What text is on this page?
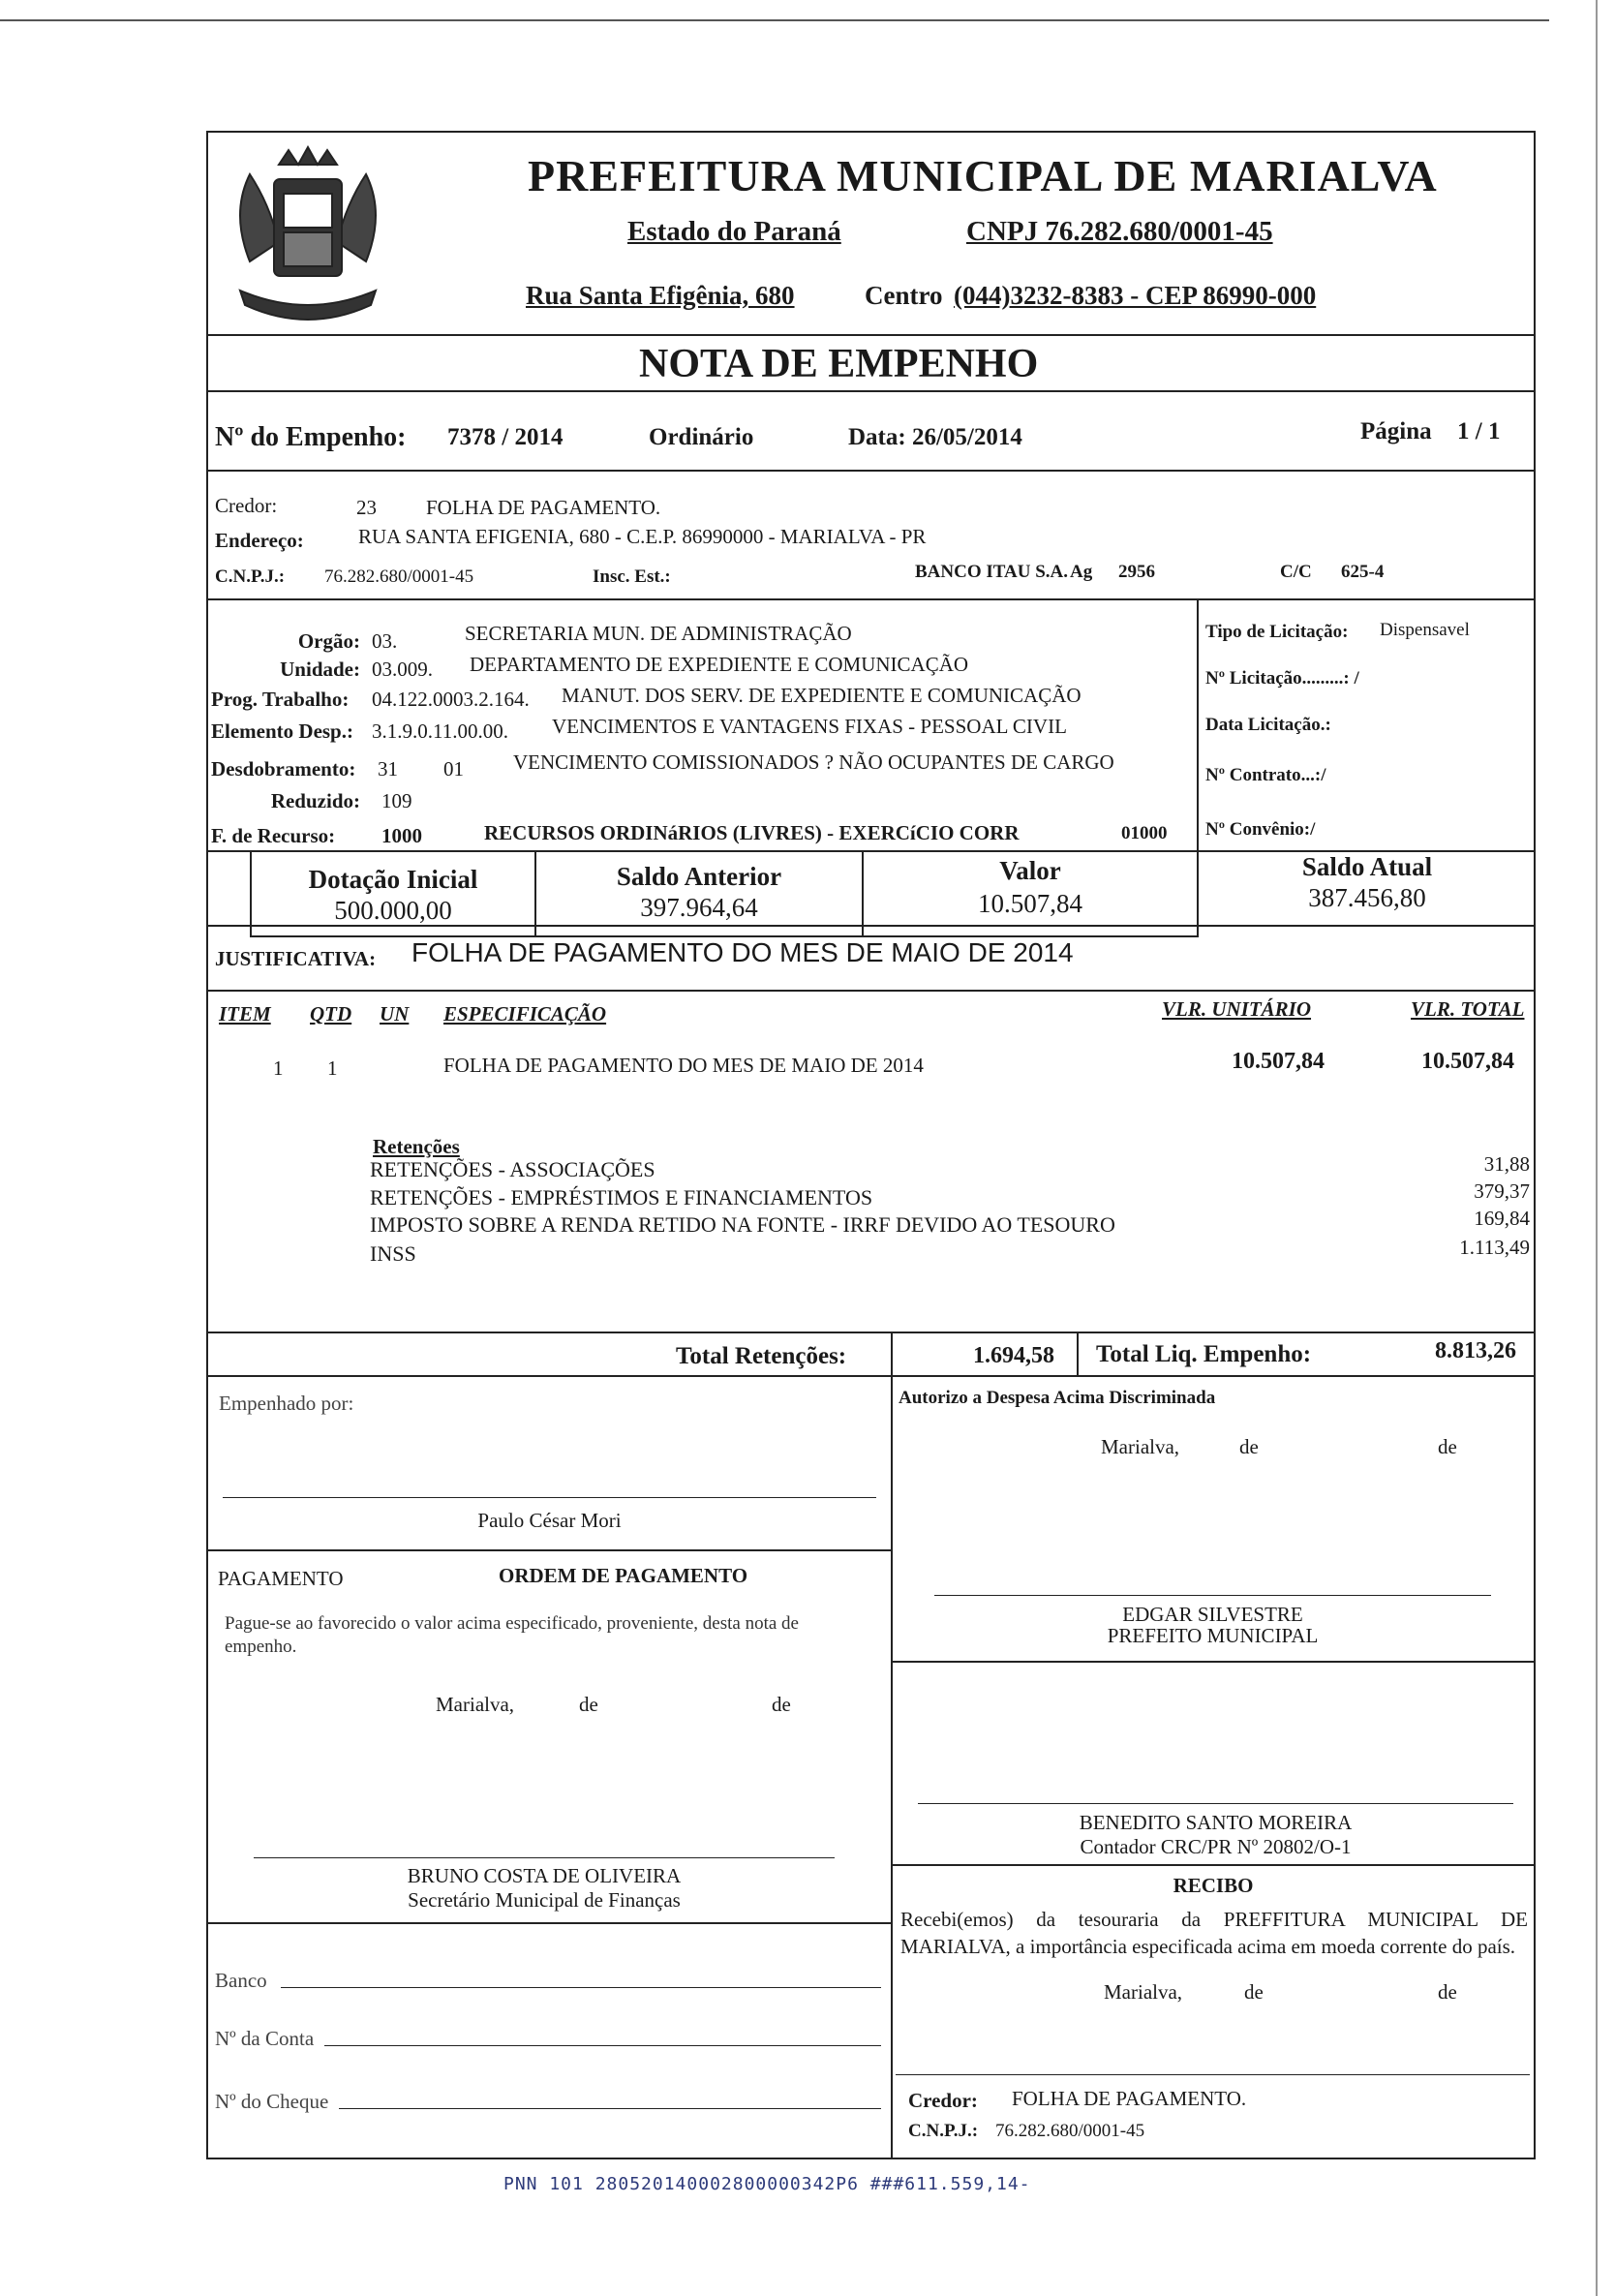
PREFEITURA MUNICIPAL DE MARIALVA
Estado do Paraná	CNPJ 76.282.680/0001-45
Rua Santa Efigênia, 680	Centro (044)3232-8383 - CEP 86990-000
NOTA DE EMPENHO
Nº do Empenho: 7378 / 2014	Ordinário	Data: 26/05/2014	Página 1 / 1
Credor:	23 FOLHA DE PAGAMENTO.
Endereço:	RUA SANTA EFIGENIA, 680 - C.E.P. 86990000 - MARIALVA - PR
C.N.P.J.: 76.282.680/0001-45	Insc. Est.:	BANCO ITAU S.A. Ag 2956	C/C 625-4
Orgão: 03.	SECRETARIA MUN. DE ADMINISTRAÇÃO
Unidade: 03.009. DEPARTAMENTO DE EXPEDIENTE E COMUNICAÇÃO
Prog. Trabalho: 04.122.0003.2.164. MANUT. DOS SERV. DE EXPEDIENTE E COMUNICAÇÃO
Elemento Desp.: 3.1.9.0.11.00.00. VENCIMENTOS E VANTAGENS FIXAS - PESSOAL CIVIL
Desdobramento: 31 01 VENCIMENTO COMISSIONADOS ? NÃO OCUPANTES DE CARGO
Reduzido: 109
F. de Recurso: 1000	RECURSOS ORDINáRIOS (LIVRES) - EXERCíCIO CORR	01000
Tipo de Licitação: Dispensavel
Nº Licitação.........: /
Data Licitação.:
Nº Contrato...:/
Nº Convênio:/
Dotação Inicial
500.000,00
Saldo Anterior
397.964,64
Valor
10.507,84
Saldo Atual
387.456,80
JUSTIFICATIVA: FOLHA DE PAGAMENTO DO MES DE MAIO DE 2014
ITEM QTD UN ESPECIFICAÇÃO	VLR. UNITÁRIO	VLR. TOTAL
1 1	FOLHA DE PAGAMENTO DO MES DE MAIO DE 2014	10.507,84	10.507,84
Retenções
RETENÇÕES - ASSOCIAÇÕES	31,88
RETENÇÕES - EMPRÉSTIMOS E FINANCIAMENTOS	379,37
IMPOSTO SOBRE A RENDA RETIDO NA FONTE - IRRF DEVIDO AO TESOURO	169,84
INSS	1.113,49
Total Retenções:	1.694,58 Total Liq. Empenho:	8.813,26
Empenhado por:
Paulo César Mori
Autorizo a Despesa Acima Discriminada
Marialva,	de	de
PAGAMENTO	ORDEM DE PAGAMENTO
Pague-se ao favorecido o valor acima especificado, proveniente, desta nota de empenho.
Marialva,	de	de
EDGAR SILVESTRE
PREFEITO MUNICIPAL
BENEDITO SANTO MOREIRA
Contador CRC/PR Nº 20802/O-1
BRUNO COSTA DE OLIVEIRA
Secretário Municipal de Finanças
RECIBO
Recebi(emos) da tesouraria da PREFFITURA MUNICIPAL DE MARIALVA, a importância especificada acima em moeda corrente do país.
Marialva,	de	de
Banco
Nº da Conta
Nº do Cheque	Credor: FOLHA DE PAGAMENTO.
C.N.P.J.: 76.282.680/0001-45
PNN 101 280520140002800000342P6 ###611.559,14-
